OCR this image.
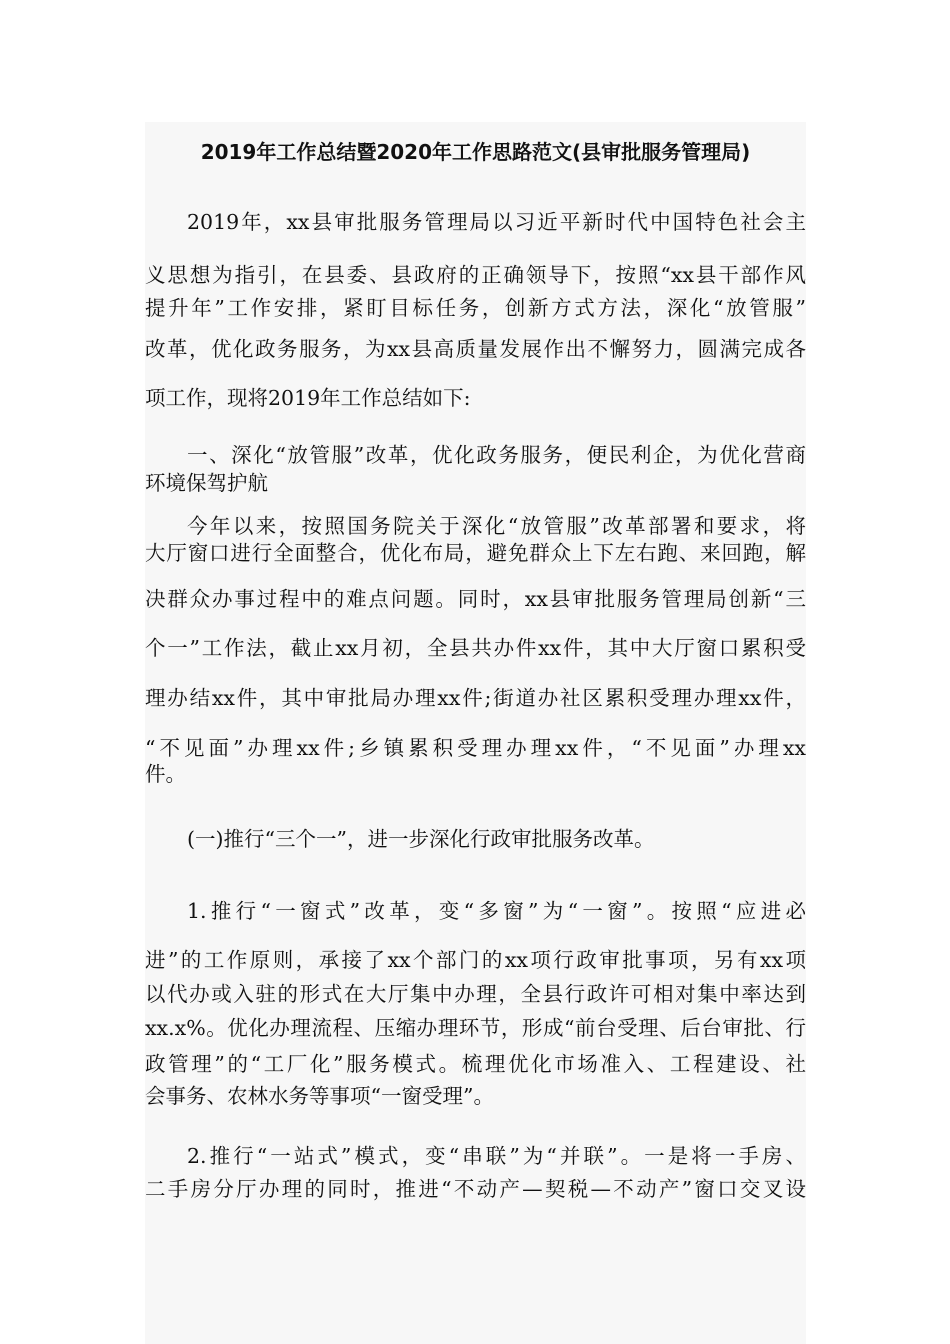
2019年工作总结暨2020年工作思路范文(县审批服务管理局)
2019年，xx县审批服务管理局以习近平新时代中国特色社会主
义思想为指引，在县委、县政府的正确领导下，按照“xx县干部作风
提升年”工作安排，紧盯目标任务，创新方式方法，深化“放管服”
改革，优化政务服务，为xx县高质量发展作出不懈努力，圆满完成各
项工作，现将2019年工作总结如下:
一、深化“放管服”改革，优化政务服务，便民利企，为优化营商
环境保驾护航
今年以来，按照国务院关于深化“放管服”改革部署和要求，将
大厅窗口进行全面整合，优化布局，避免群众上下左右跑、来回跑，解
决群众办事过程中的难点问题。同时，xx县审批服务管理局创新“三
个一”工作法，截止xx月初，全县共办件xx件，其中大厅窗口累积受
理办结xx件，其中审批局办理xx件;街道办社区累积受理办理xx件，
“不见面”办理xx件;乡镇累积受理办理xx件，“不见面”办理xx
件。
(一)推行“三个一”，进一步深化行政审批服务改革。
1.推行“一窗式”改革，变“多窗”为“一窗”。按照“应进必
进”的工作原则，承接了xx个部门的xx项行政审批事项，另有xx项
以代办或入驻的形式在大厅集中办理，全县行政许可相对集中率达到
xx.x%。优化办理流程、压缩办理环节，形成“前台受理、后台审批、行
政管理”的“工厂化”服务模式。梳理优化市场准入、工程建设、社
会事务、农林水务等事项“一窗受理”。
2.推行“一站式”模式，变“串联”为“并联”。一是将一手房、
二手房分厅办理的同时，推进“不动产—契税—不动产”窗口交叉设
